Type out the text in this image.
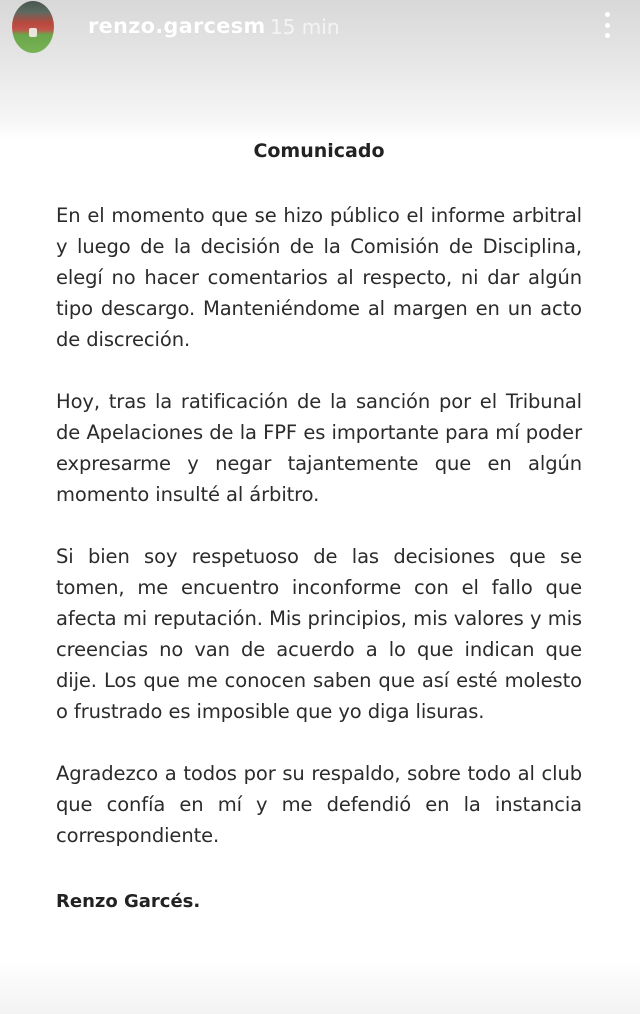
renzo.garcesm 15 min
Comunicado

En el momento que se hizo público el informe arbitral y luego de la decisión de la Comisión de Disciplina, elegí no hacer comentarios al respecto, ni dar algún tipo descargo. Manteniéndome al margen en un acto de discreción.

Hoy, tras la ratificación de la sanción por el Tribunal de Apelaciones de la FPF es importante para mí poder expresarme y negar tajantemente que en algún momento insulté al árbitro.

Si bien soy respetuoso de las decisiones que se tomen, me encuentro inconforme con el fallo que afecta mi reputación. Mis principios, mis valores y mis creencias no van de acuerdo a lo que indican que dije. Los que me conocen saben que así esté molesto o frustrado es imposible que yo diga lisuras.

Agradezco a todos por su respaldo, sobre todo al club que confía en mí y me defendió en la instancia correspondiente.

Renzo Garcés.
